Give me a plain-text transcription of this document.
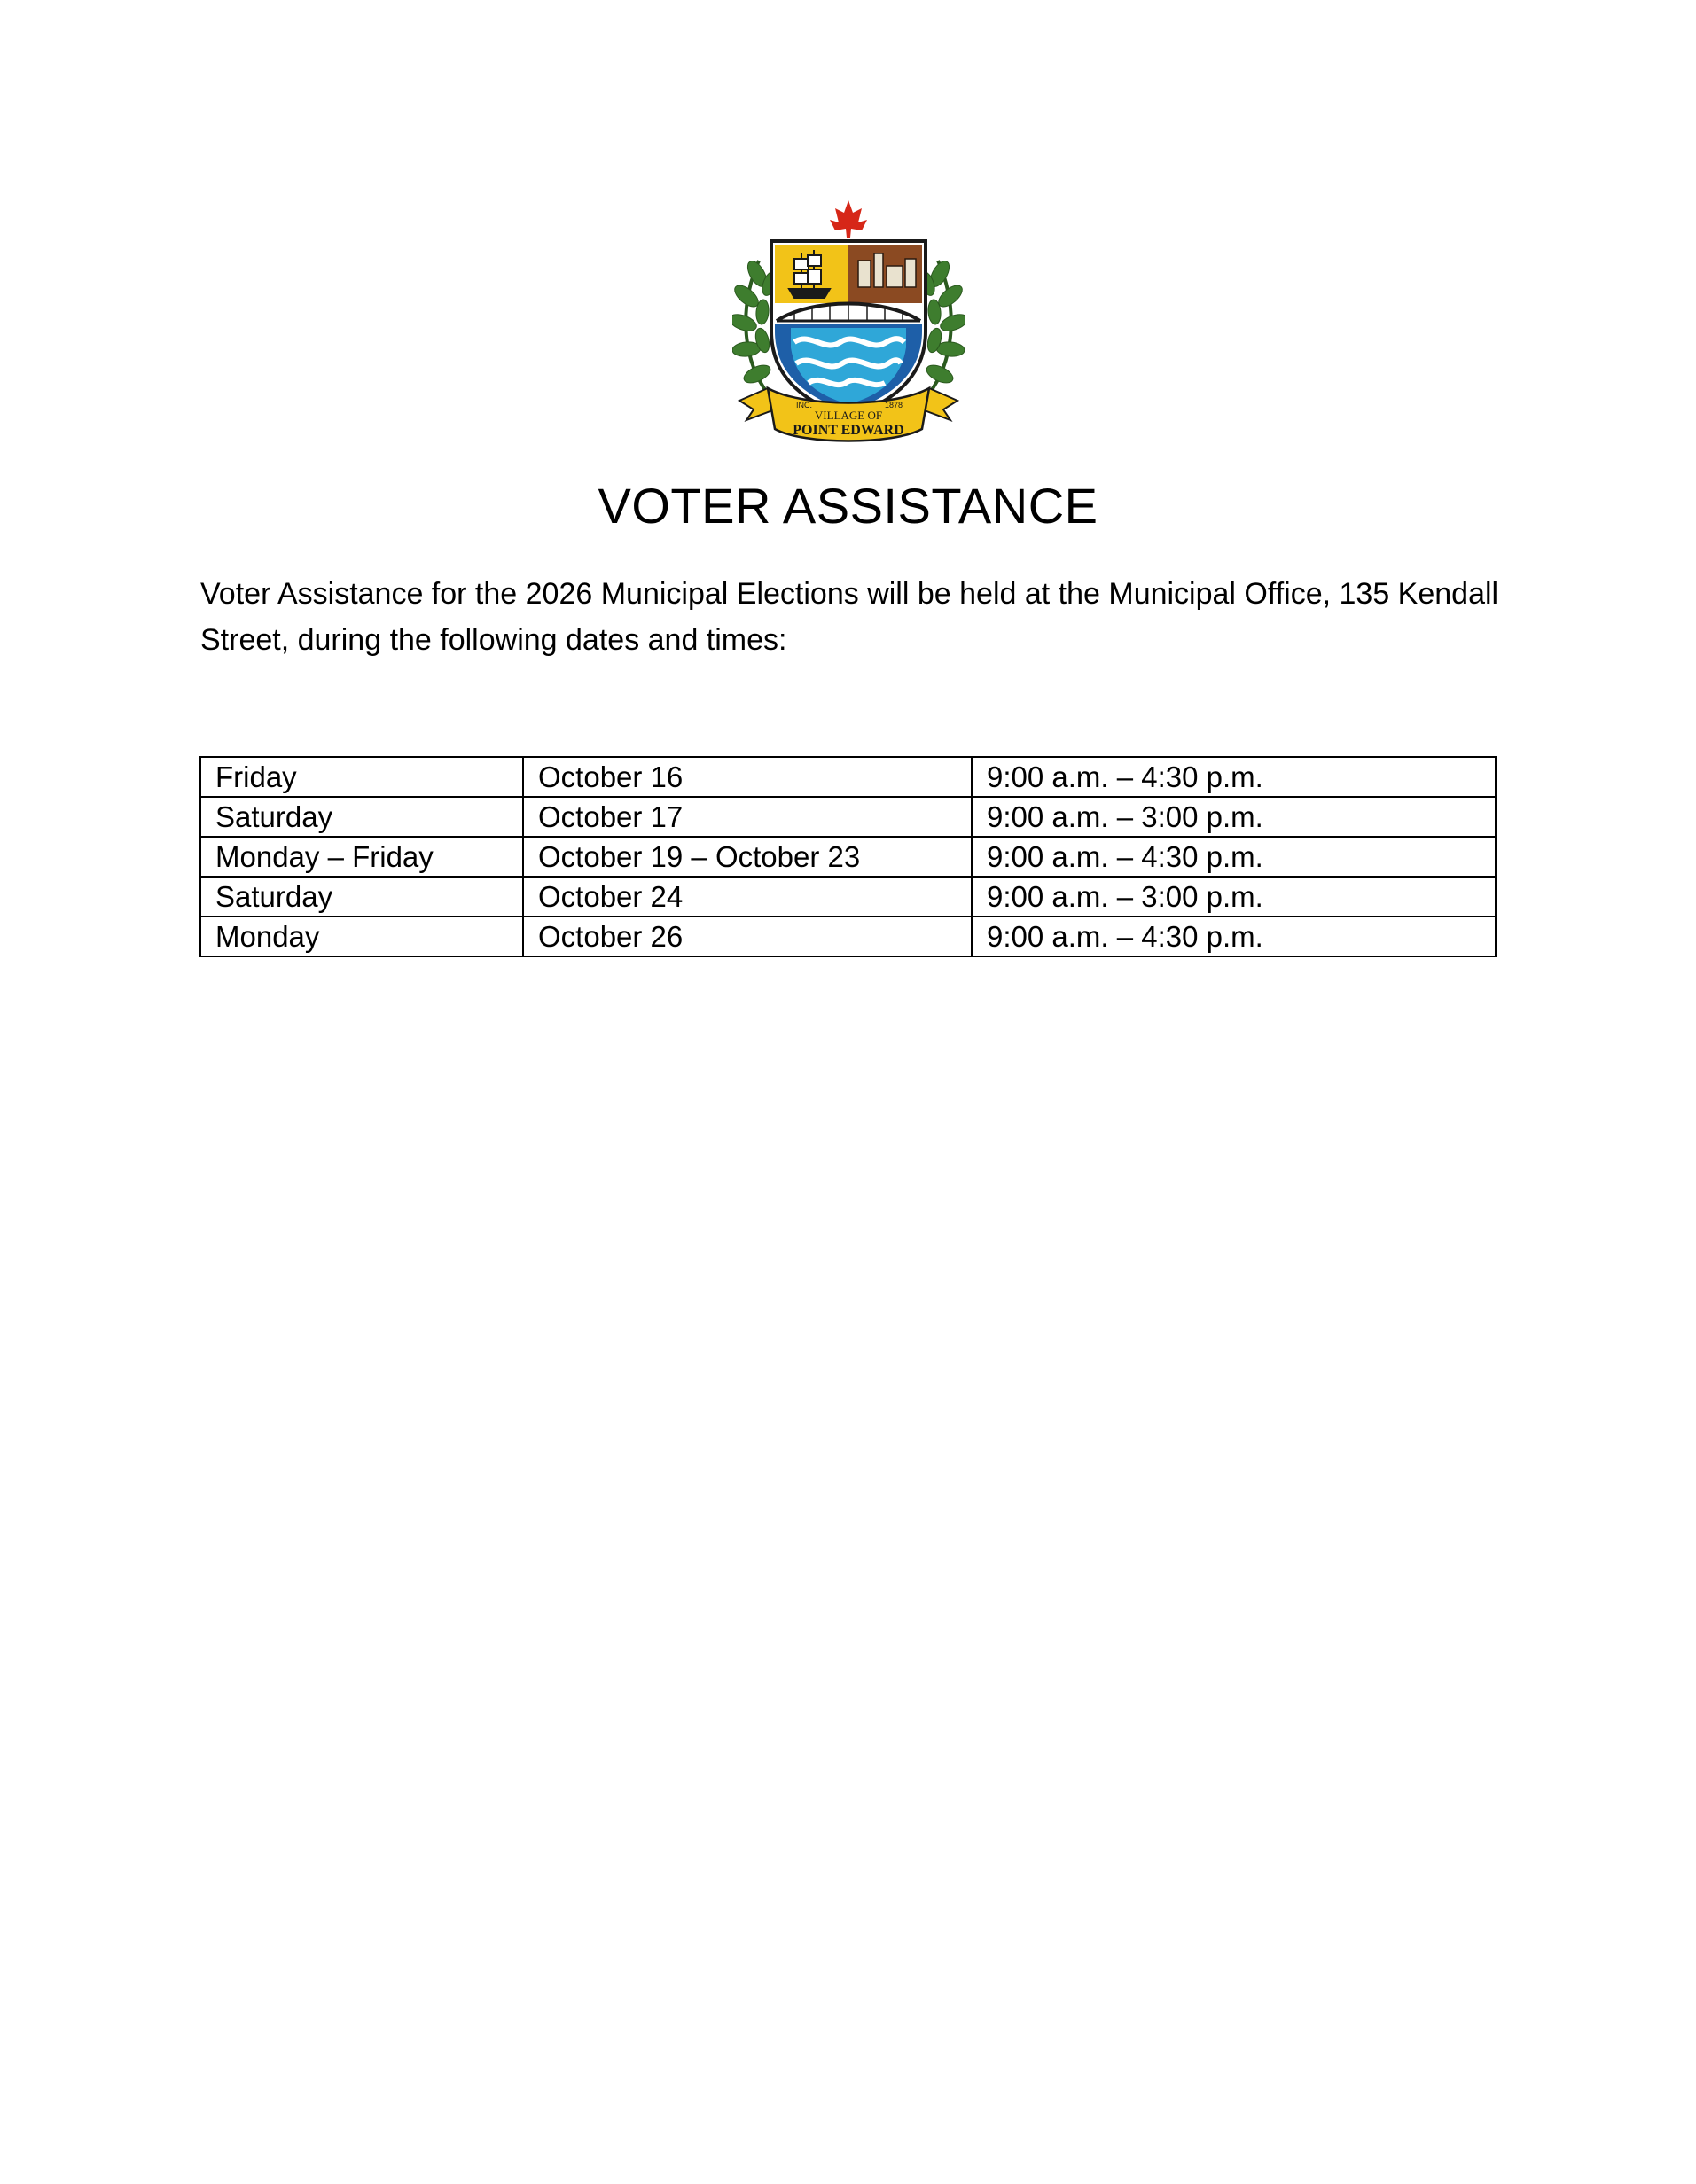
INC.	1878
VILLAGE OF
POINT EDWARD
VOTER ASSISTANCE
Voter Assistance for the 2026 Municipal Elections will be held at the Municipal Office, 135 Kendall Street, during the following dates and times:
Friday	October 16	9:00 a.m. – 4:30 p.m.
Saturday	October 17	9:00 a.m. – 3:00 p.m.
Monday – Friday	October 19 – October 23	9:00 a.m. – 4:30 p.m.
Saturday	October 24	9:00 a.m. – 3:00 p.m.
Monday	October 26	9:00 a.m. – 4:30 p.m.
